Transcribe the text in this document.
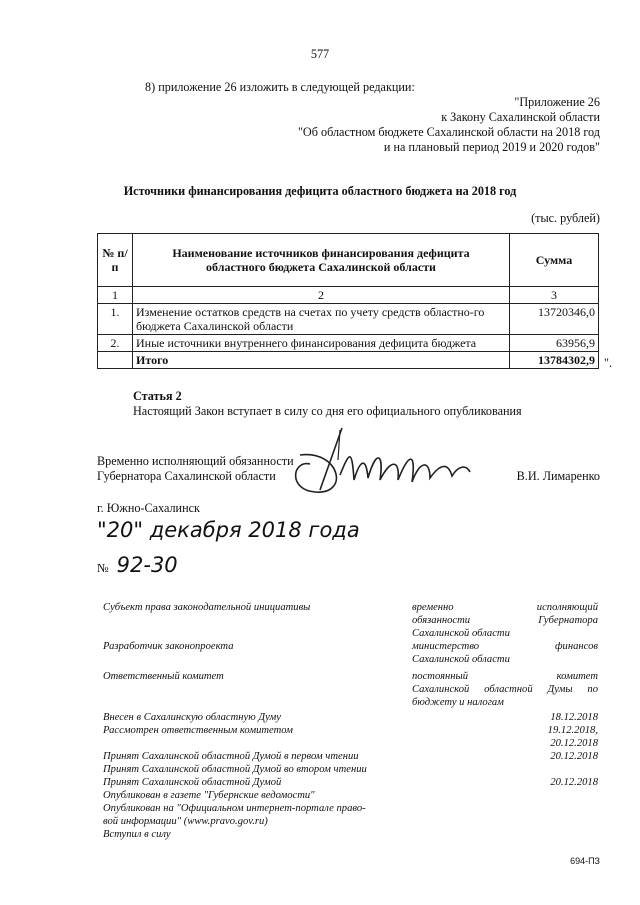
577
8) приложение 26 изложить в следующей редакции:
"Приложение 26
к Закону Сахалинской области
"Об областном бюджете Сахалинской области на 2018 год
и на плановый период 2019 и 2020 годов"
Источники финансирования дефицита областного бюджета на 2018 год
(тыс. рублей)
№ п/п	Наименование источников финансирования дефицита областного бюджета Сахалинской области	Сумма
1	2	3
1.	Изменение остатков средств на счетах по учету средств областно-го бюджета Сахалинской области	13720346,0
2.	Иные источники внутреннего финансирования дефицита бюджета	63956,9
	Итого	13784302,9 ".
Статья 2
Настоящий Закон вступает в силу со дня его официального опубликования
Временно исполняющий обязанности
Губернатора Сахалинской области	В.И. Лимаренко
г. Южно-Сахалинск
"20" декабря 2018 года
№ 92-30
Субъект права законодательной инициативы	временно исполняющий
обязанности Губернатора
Сахалинской области
Разработчик законопроекта	министерство финансов
Сахалинской области
Ответственный комитет	постоянный комитет
Сахалинской областной Думы по
бюджету и налогам
Внесен в Сахалинскую областную Думу	18.12.2018
Рассмотрен ответственным комитетом	19.12.2018,
20.12.2018
Принят Сахалинской областной Думой в первом чтении	20.12.2018
Принят Сахалинской областной Думой во втором чтении
Принят Сахалинской областной Думой	20.12.2018
Опубликован в газете "Губернские ведомости"
Опубликован на "Официальном интернет-портале право-
вой информации" (www.pravo.gov.ru)
Вступил в силу
694-ПЗ
